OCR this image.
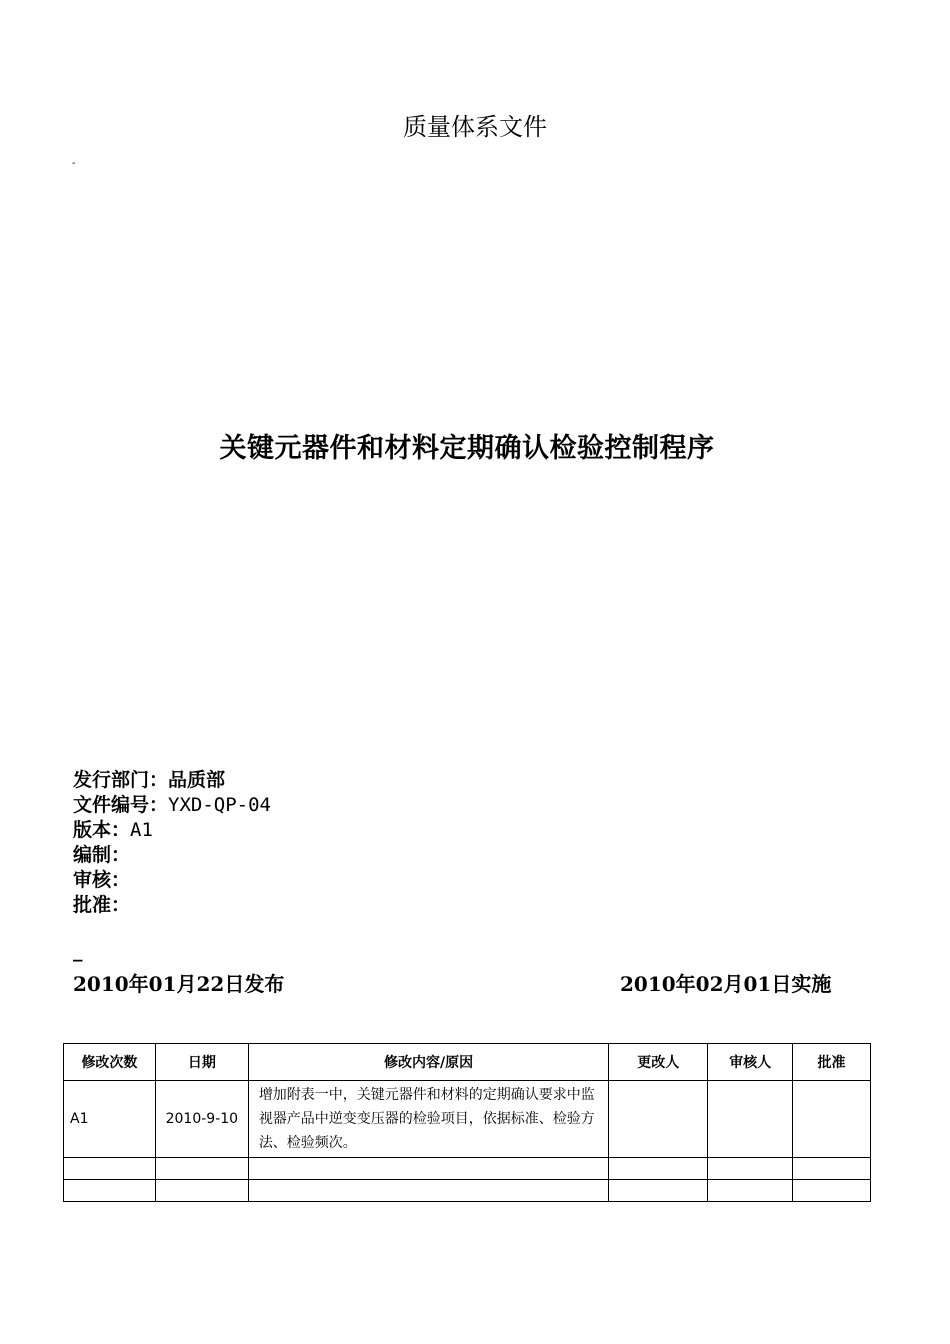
质量体系文件
-
关键元器件和材料定期确认检验控制程序
发行部门：品质部
文件编号：YXD-QP-04
版本：A1
编制：
审核：
批准：
_
2010年01月22日发布	2010年02月01日实施
修改次数	日期	修改内容/原因	更改人	审核人	批准
A1	2010-9-10	增加附表一中，关键元器件和材料的定期确认要求中监视器产品中逆变变压器的检验项目，依据标准、检验方法、检验频次。			
